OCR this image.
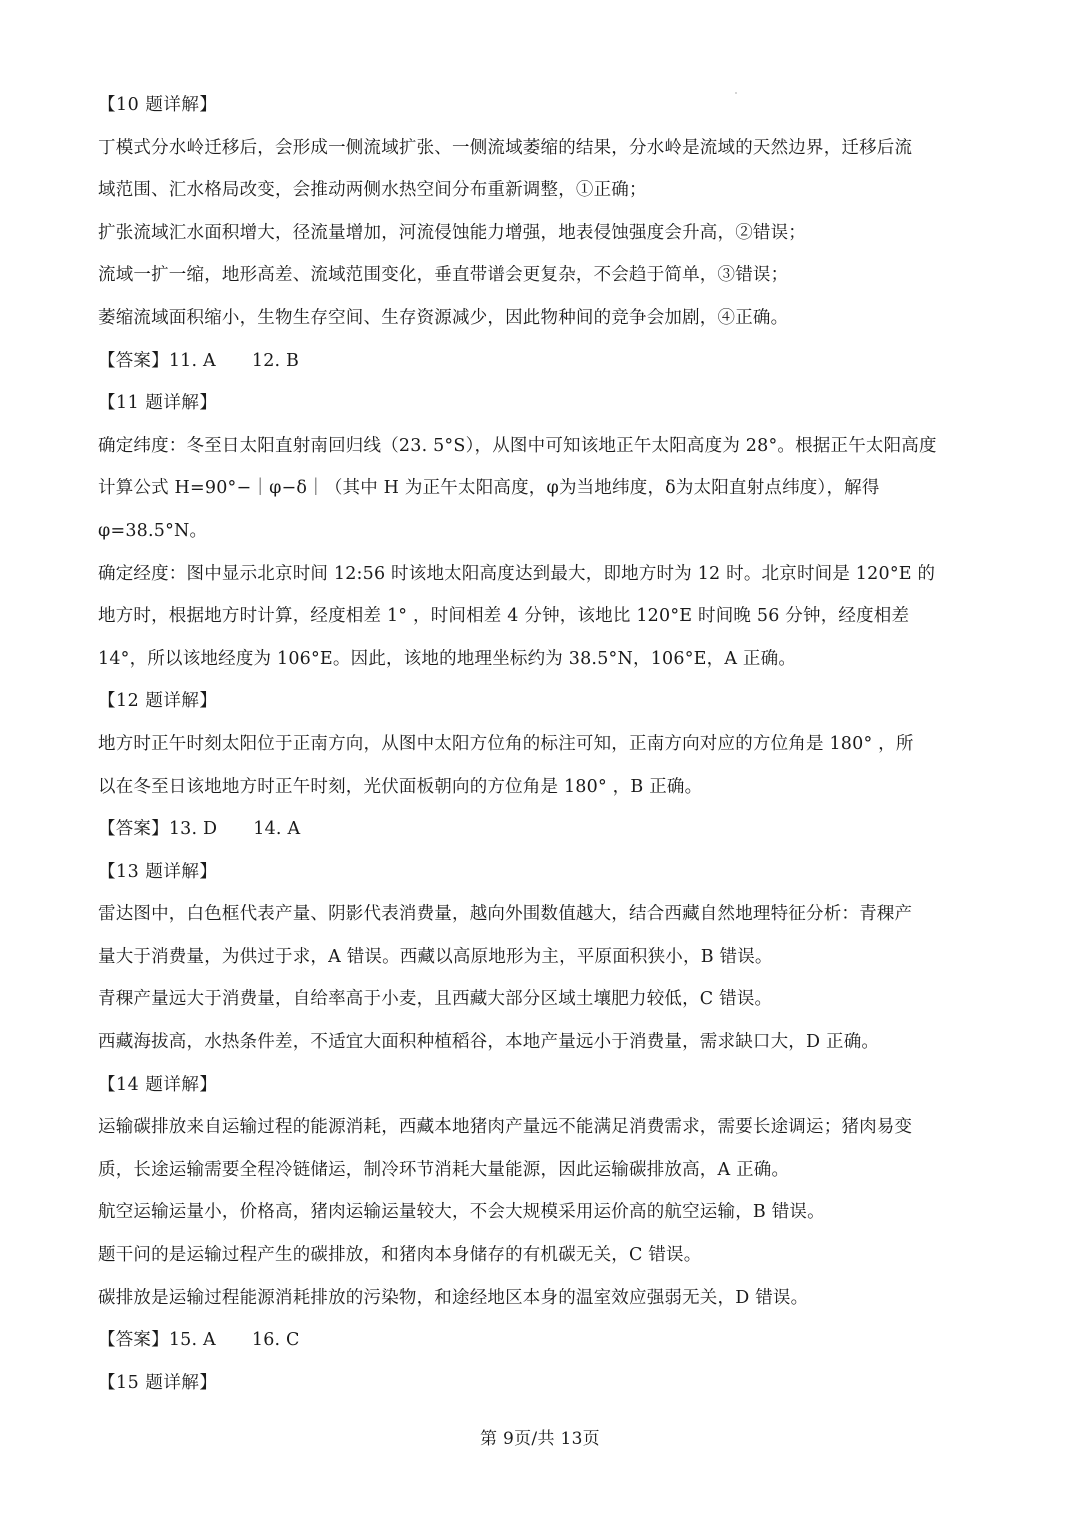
【10 题详解】
丁模式分水岭迁移后，会形成一侧流域扩张、一侧流域萎缩的结果，分水岭是流域的天然边界，迁移后流
域范围、汇水格局改变，会推动两侧水热空间分布重新调整，①正确；
扩张流域汇水面积增大，径流量增加，河流侵蚀能力增强，地表侵蚀强度会升高，②错误；
流域一扩一缩，地形高差、流域范围变化，垂直带谱会更复杂，不会趋于简单，③错误；
萎缩流域面积缩小，生物生存空间、生存资源减少，因此物种间的竞争会加剧，④正确。
【答案】11. A 12. B
【11 题详解】
确定纬度：冬至日太阳直射南回归线（23. 5°S），从图中可知该地正午太阳高度为 28°。根据正午太阳高度
计算公式 H=90°−｜φ−δ｜（其中 H 为正午太阳高度，φ为当地纬度，δ为太阳直射点纬度），解得
φ=38.5°N。
确定经度：图中显示北京时间 12:56 时该地太阳高度达到最大，即地方时为 12 时。北京时间是 120°E 的
地方时，根据地方时计算，经度相差 1° ，时间相差 4 分钟，该地比 120°E 时间晚 56 分钟，经度相差
14°，所以该地经度为 106°E。因此，该地的地理坐标约为 38.5°N，106°E，A 正确。
【12 题详解】
地方时正午时刻太阳位于正南方向，从图中太阳方位角的标注可知，正南方向对应的方位角是 180° ，所
以在冬至日该地地方时正午时刻，光伏面板朝向的方位角是 180° ，B 正确。
【答案】13. D 14. A
【13 题详解】
雷达图中，白色框代表产量、阴影代表消费量，越向外围数值越大，结合西藏自然地理特征分析：青稞产
量大于消费量，为供过于求，A 错误。西藏以高原地形为主，平原面积狭小，B 错误。
青稞产量远大于消费量，自给率高于小麦，且西藏大部分区域土壤肥力较低，C 错误。
西藏海拔高，水热条件差，不适宜大面积种植稻谷，本地产量远小于消费量，需求缺口大，D 正确。
【14 题详解】
运输碳排放来自运输过程的能源消耗，西藏本地猪肉产量远不能满足消费需求，需要长途调运；猪肉易变
质，长途运输需要全程冷链储运，制冷环节消耗大量能源，因此运输碳排放高，A 正确。
航空运输运量小，价格高，猪肉运输运量较大，不会大规模采用运价高的航空运输，B 错误。
题干问的是运输过程产生的碳排放，和猪肉本身储存的有机碳无关，C 错误。
碳排放是运输过程能源消耗排放的污染物，和途经地区本身的温室效应强弱无关，D 错误。
【答案】15. A 16. C
【15 题详解】
第 9页/共 13页
